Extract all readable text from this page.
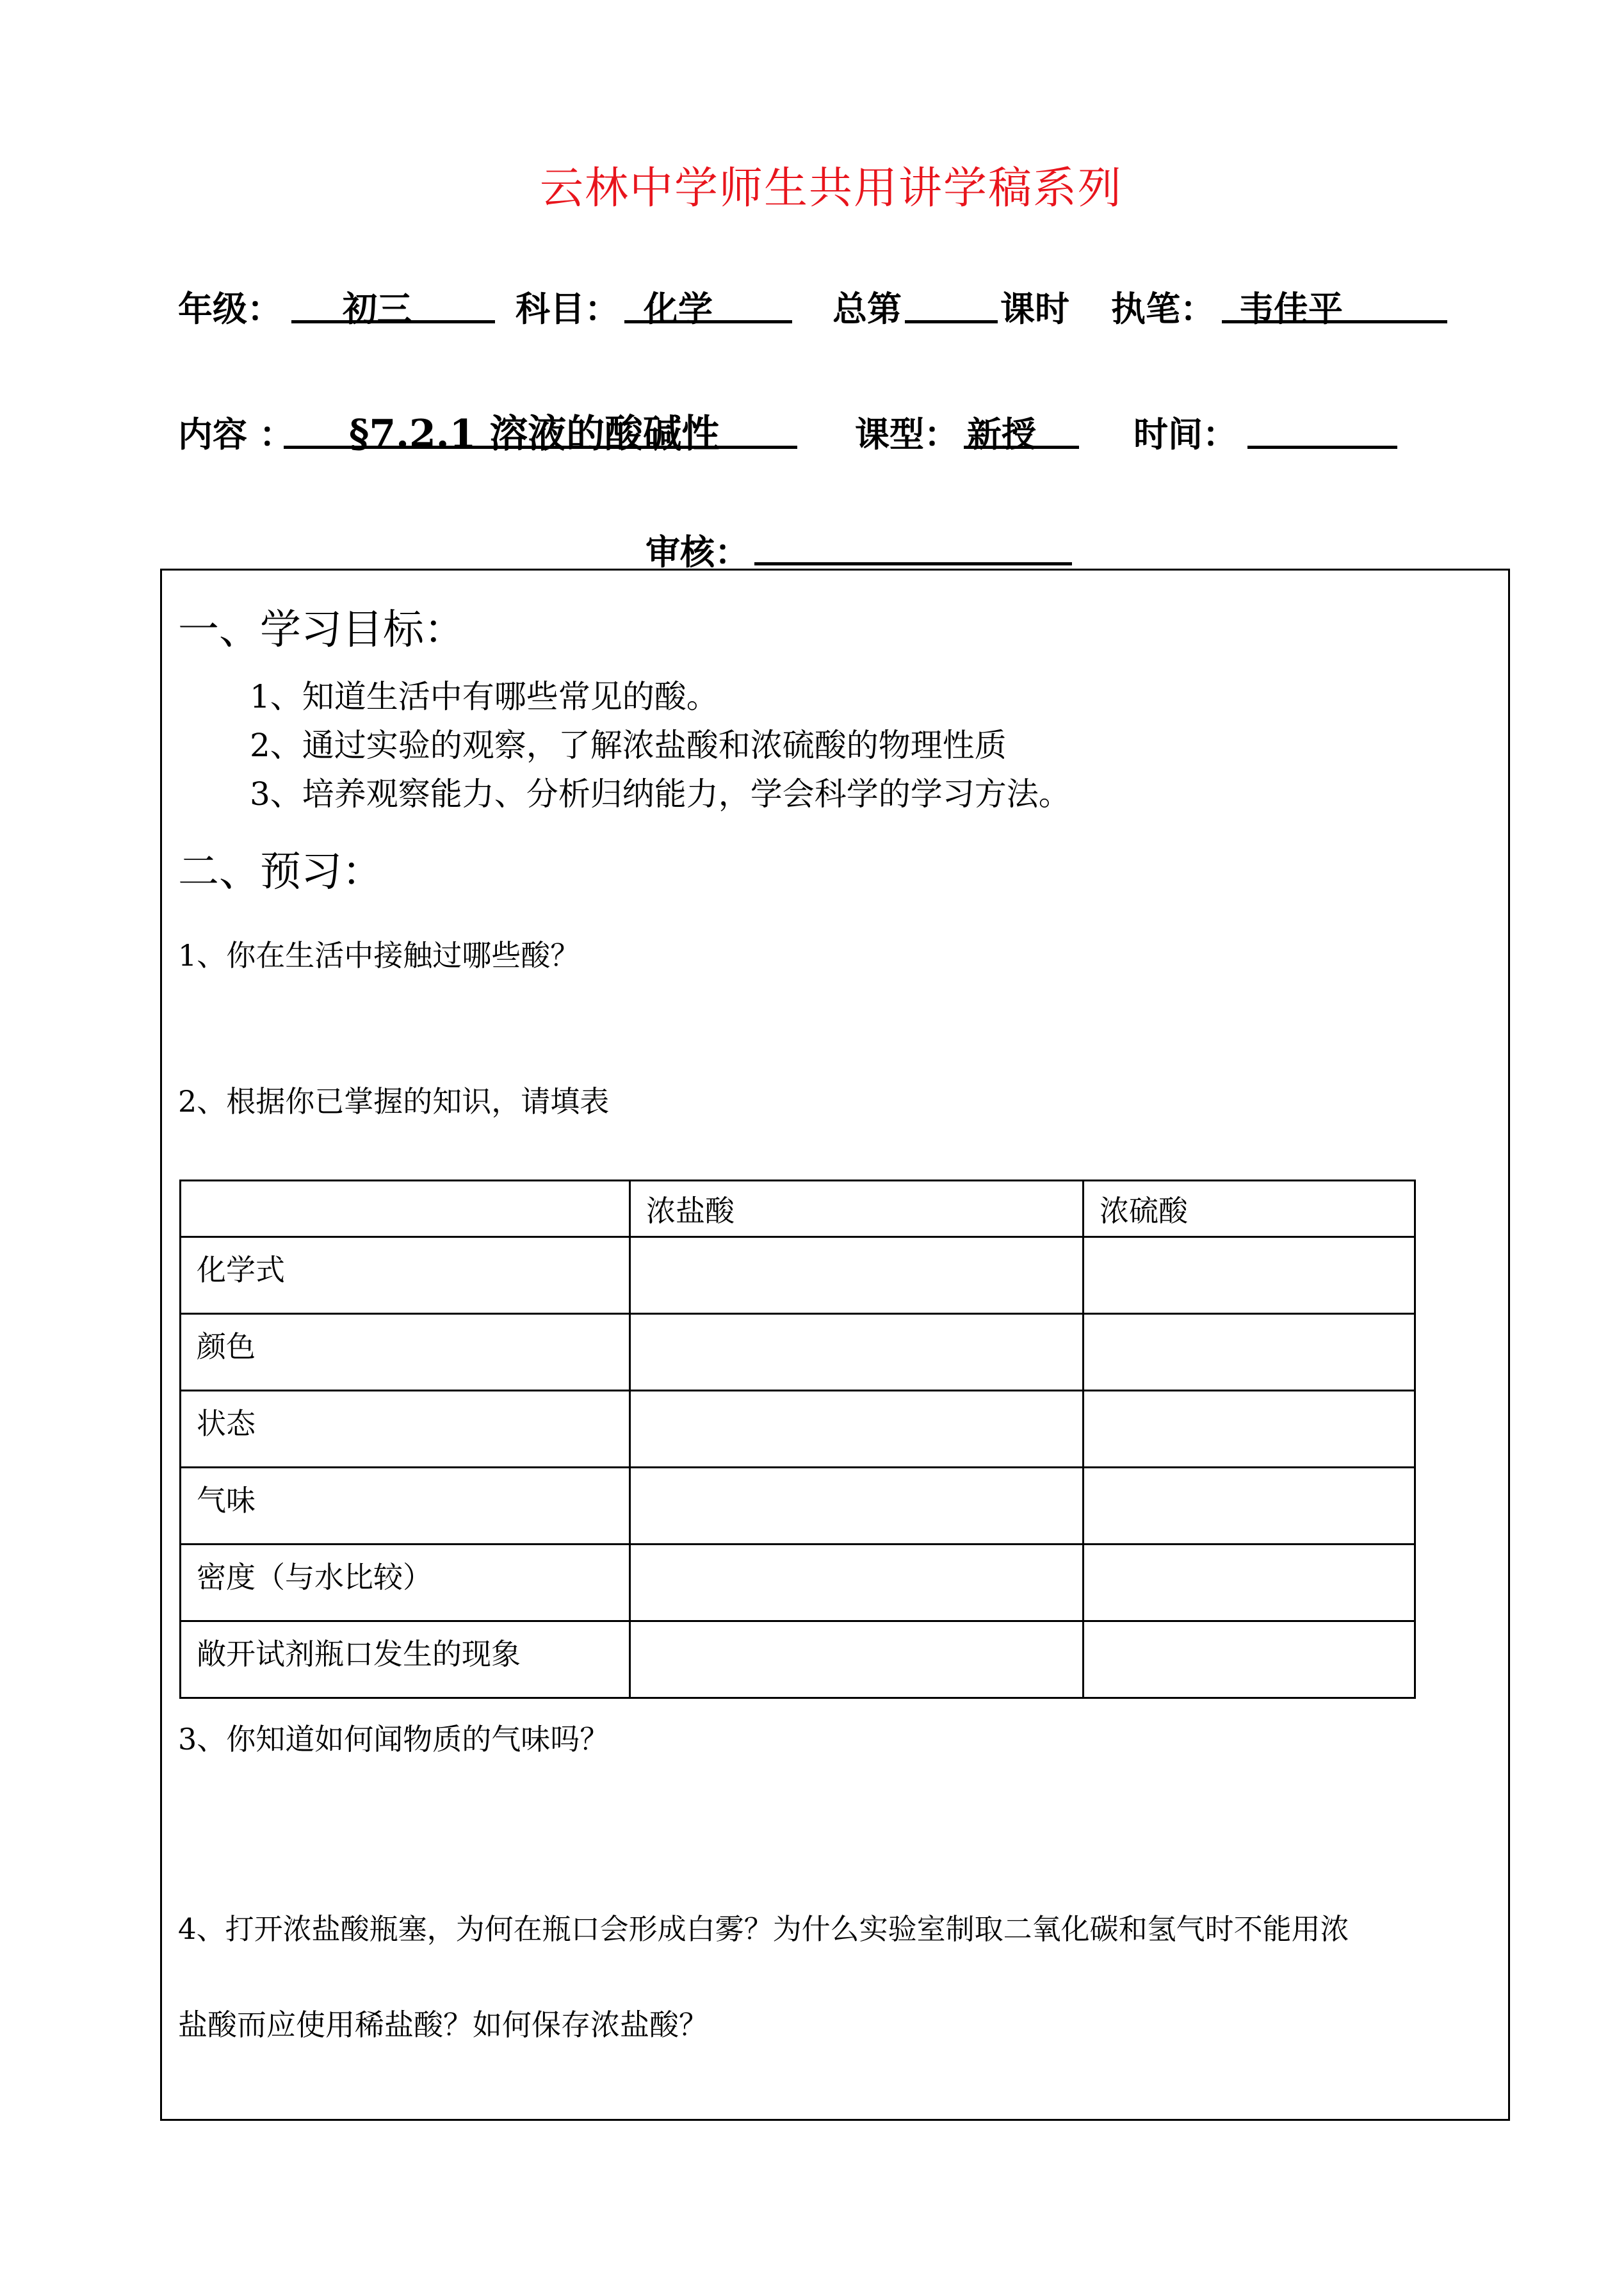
云林中学师生共用讲学稿系列
年级： 初三	科目： 化学	总第	课时 执笔： 韦佳平
内容 ： §7.2.1 溶液的酸碱性	课型： 新授	时间：
审核：
一、学习目标：
1、知道生活中有哪些常见的酸。
2、通过实验的观察，了解浓盐酸和浓硫酸的物理性质
3、培养观察能力、分析归纳能力，学会科学的学习方法。
二、预习：
1、你在生活中接触过哪些酸？
2、根据你已掌握的知识，请填表
	浓盐酸	浓硫酸
化学式		
颜色		
状态		
气味		
密度（与水比较）		
敞开试剂瓶口发生的现象		
3、你知道如何闻物质的气味吗？
4、打开浓盐酸瓶塞，为何在瓶口会形成白雾？为什么实验室制取二氧化碳和氢气时不能用浓
盐酸而应使用稀盐酸？如何保存浓盐酸？
